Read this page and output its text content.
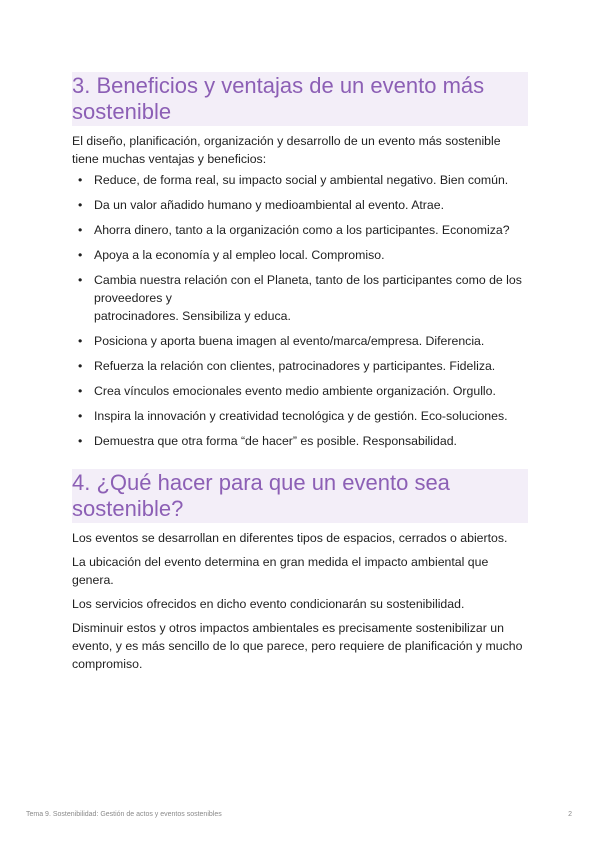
3. Beneficios y ventajas de un evento más sostenible

El diseño, planificación, organización y desarrollo de un evento más sostenible tiene muchas ventajas y beneficios:

• Reduce, de forma real, su impacto social y ambiental negativo. Bien común.
• Da un valor añadido humano y medioambiental al evento. Atrae.
• Ahorra dinero, tanto a la organización como a los participantes. Economiza?
• Apoya a la economía y al empleo local. Compromiso.
• Cambia nuestra relación con el Planeta, tanto de los participantes como de los proveedores y
patrocinadores. Sensibiliza y educa.
• Posiciona y aporta buena imagen al evento/marca/empresa. Diferencia.
• Refuerza la relación con clientes, patrocinadores y participantes. Fideliza.
• Crea vínculos emocionales evento medio ambiente organización. Orgullo.
• Inspira la innovación y creatividad tecnológica y de gestión. Eco-soluciones.
• Demuestra que otra forma “de hacer” es posible. Responsabilidad.
4. ¿Qué hacer para que un evento sea sostenible?

Los eventos se desarrollan en diferentes tipos de espacios, cerrados o abiertos.

La ubicación del evento determina en gran medida el impacto ambiental que genera.

Los servicios ofrecidos en dicho evento condicionarán su sostenibilidad.

Disminuir estos y otros impactos ambientales es precisamente sostenibilizar un evento, y es más sencillo de lo que parece, pero requiere de planificación y mucho compromiso.

Tema 9. Sostenibilidad: Gestión de actos y eventos sostenibles	2
